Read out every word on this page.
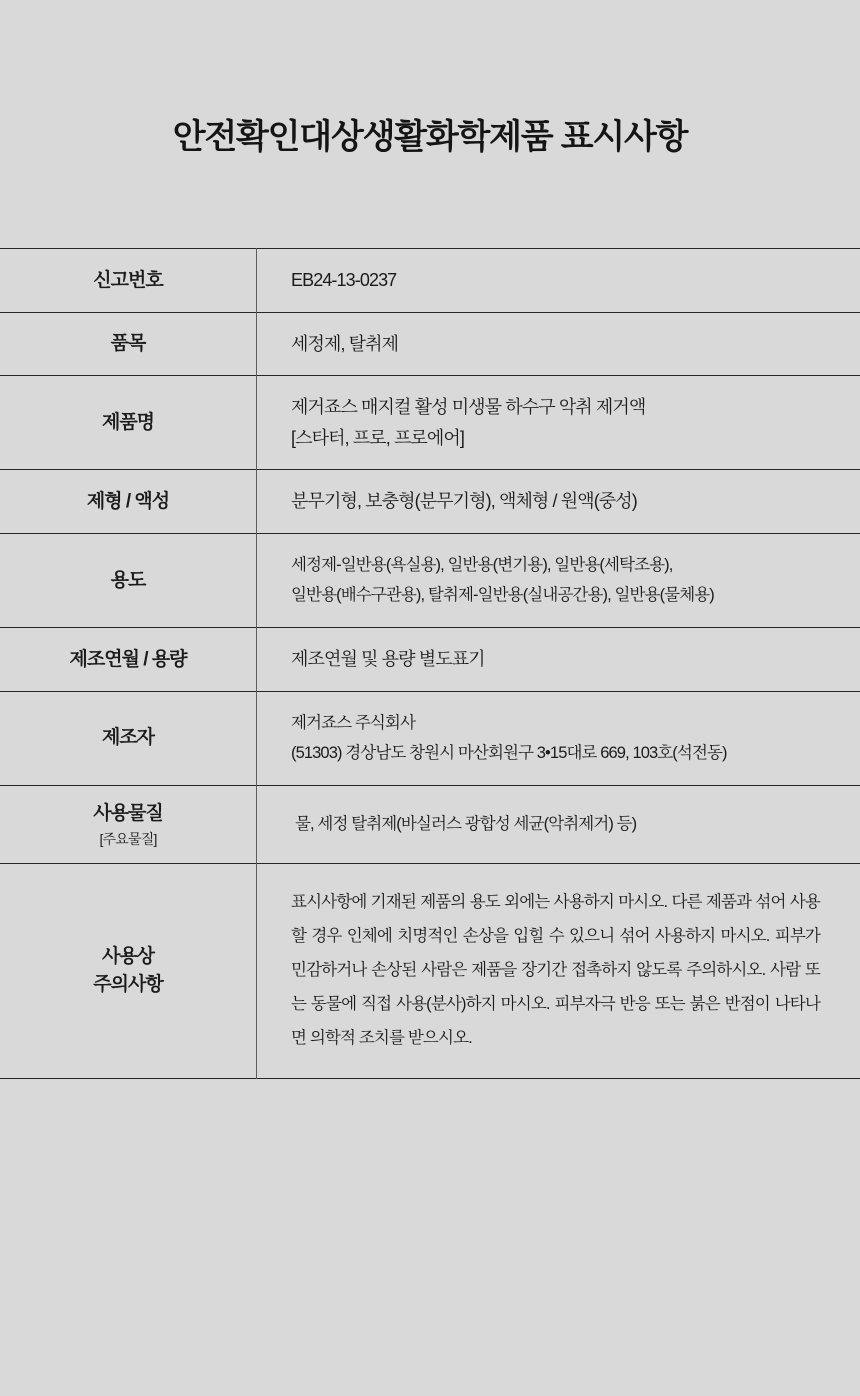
안전확인대상생활화학제품 표시사항
신고번호	EB24-13-0237

품목	세정제, 탈취제

제품명	제거죠스 매지컬 활성 미생물 하수구 악취 제거액
[스타터, 프로, 프로에어]

제형 / 액성	분무기형, 보충형(분무기형), 액체형 / 원액(중성)

용도	세정제-일반용(욕실용), 일반용(변기용), 일반용(세탁조용),
일반용(배수구관용), 탈취제-일반용(실내공간용), 일반용(물체용)

제조연월 / 용량	제조연월 및 용량 별도표기

제조자	제거죠스 주식회사
(51303) 경상남도 창원시 마산회원구 3•15대로 669, 103호(석전동)

사용물질
[주요물질]	물, 세정 탈취제(바실러스 광합성 세균(악취제거) 등)

사용상
주의사항	표시사항에 기재된 제품의 용도 외에는 사용하지 마시오. 다른 제품과 섞어 사용할 경우 인체에 치명적인 손상을 입힐 수 있으니 섞어 사용하지 마시오. 피부가 민감하거나 손상된 사람은 제품을 장기간 접촉하지 않도록 주의하시오. 사람 또는 동물에 직접 사용(분사)하지 마시오. 피부자극 반응 또는 붉은 반점이 나타나면 의학적 조치를 받으시오.
